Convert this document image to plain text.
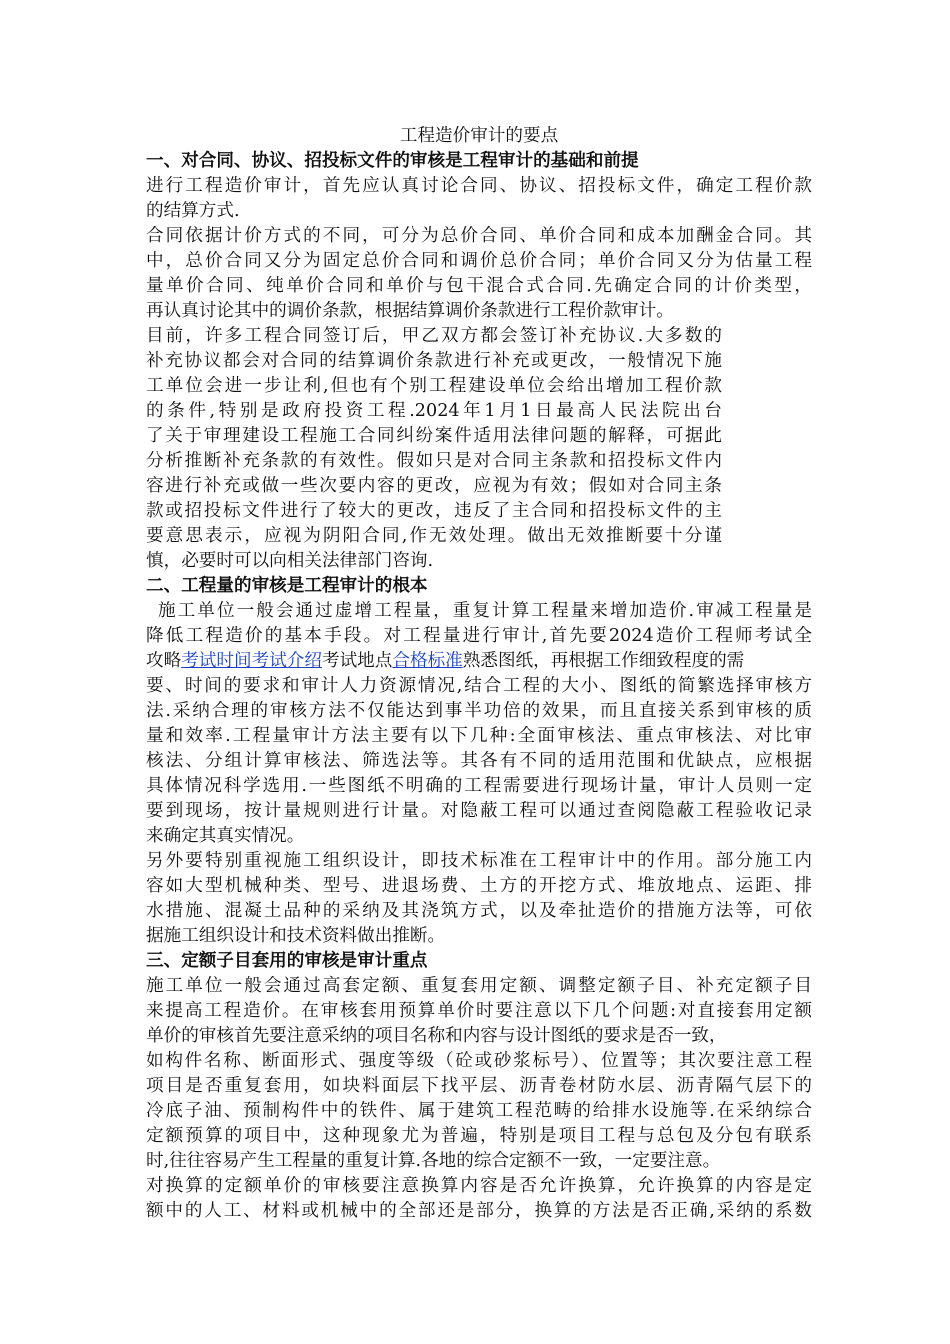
工程造价审计的要点

一、对合同、协议、招投标文件的审核是工程审计的基础和前提
进行工程造价审计，首先应认真讨论合同、协议、招投标文件，确定工程价款
的结算方式.
合同依据计价方式的不同，可分为总价合同、单价合同和成本加酬金合同。其
中，总价合同又分为固定总价合同和调价总价合同；单价合同又分为估量工程
量单价合同、纯单价合同和单价与包干混合式合同.先确定合同的计价类型，
再认真讨论其中的调价条款，根据结算调价条款进行工程价款审计。
目前，许多工程合同签订后，甲乙双方都会签订补充协议.大多数的
补充协议都会对合同的结算调价条款进行补充或更改，一般情况下施
工单位会进一步让利,但也有个别工程建设单位会给出增加工程价款
的条件,特别是政府投资工程.2024年1月1日最高人民法院出台
了关于审理建设工程施工合同纠纷案件适用法律问题的解释，可据此
分析推断补充条款的有效性。假如只是对合同主条款和招投标文件内
容进行补充或做一些次要内容的更改，应视为有效；假如对合同主条
款或招投标文件进行了较大的更改，违反了主合同和招投标文件的主
要意思表示，应视为阴阳合同,作无效处理。做出无效推断要十分谨
慎，必要时可以向相关法律部门咨询.
二、工程量的审核是工程审计的根本
施工单位一般会通过虚增工程量，重复计算工程量来增加造价.审减工程量是
降低工程造价的基本手段。对工程量进行审计,首先要2024造价工程师考试全
攻略考试时间考试介绍考试地点合格标准熟悉图纸，再根据工作细致程度的需
要、时间的要求和审计人力资源情况,结合工程的大小、图纸的简繁选择审核方
法.采纳合理的审核方法不仅能达到事半功倍的效果，而且直接关系到审核的质
量和效率.工程量审计方法主要有以下几种:全面审核法、重点审核法、对比审
核法、分组计算审核法、筛选法等。其各有不同的适用范围和优缺点，应根据
具体情况科学选用.一些图纸不明确的工程需要进行现场计量，审计人员则一定
要到现场，按计量规则进行计量。对隐蔽工程可以通过查阅隐蔽工程验收记录
来确定其真实情况。
另外要特别重视施工组织设计，即技术标准在工程审计中的作用。部分施工内
容如大型机械种类、型号、进退场费、土方的开挖方式、堆放地点、运距、排
水措施、混凝土品种的采纳及其浇筑方式，以及牵扯造价的措施方法等，可依
据施工组织设计和技术资料做出推断。
三、定额子目套用的审核是审计重点
施工单位一般会通过高套定额、重复套用定额、调整定额子目、补充定额子目
来提高工程造价。在审核套用预算单价时要注意以下几个问题:对直接套用定额
单价的审核首先要注意采纳的项目名称和内容与设计图纸的要求是否一致，
如构件名称、断面形式、强度等级（砼或砂浆标号）、位置等；其次要注意工程
项目是否重复套用，如块料面层下找平层、沥青卷材防水层、沥青隔气层下的
冷底子油、预制构件中的铁件、属于建筑工程范畴的给排水设施等.在采纳综合
定额预算的项目中，这种现象尤为普遍，特别是项目工程与总包及分包有联系
时,往往容易产生工程量的重复计算.各地的综合定额不一致，一定要注意。
对换算的定额单价的审核要注意换算内容是否允许换算，允许换算的内容是定
额中的人工、材料或机械中的全部还是部分，换算的方法是否正确,采纳的系数
